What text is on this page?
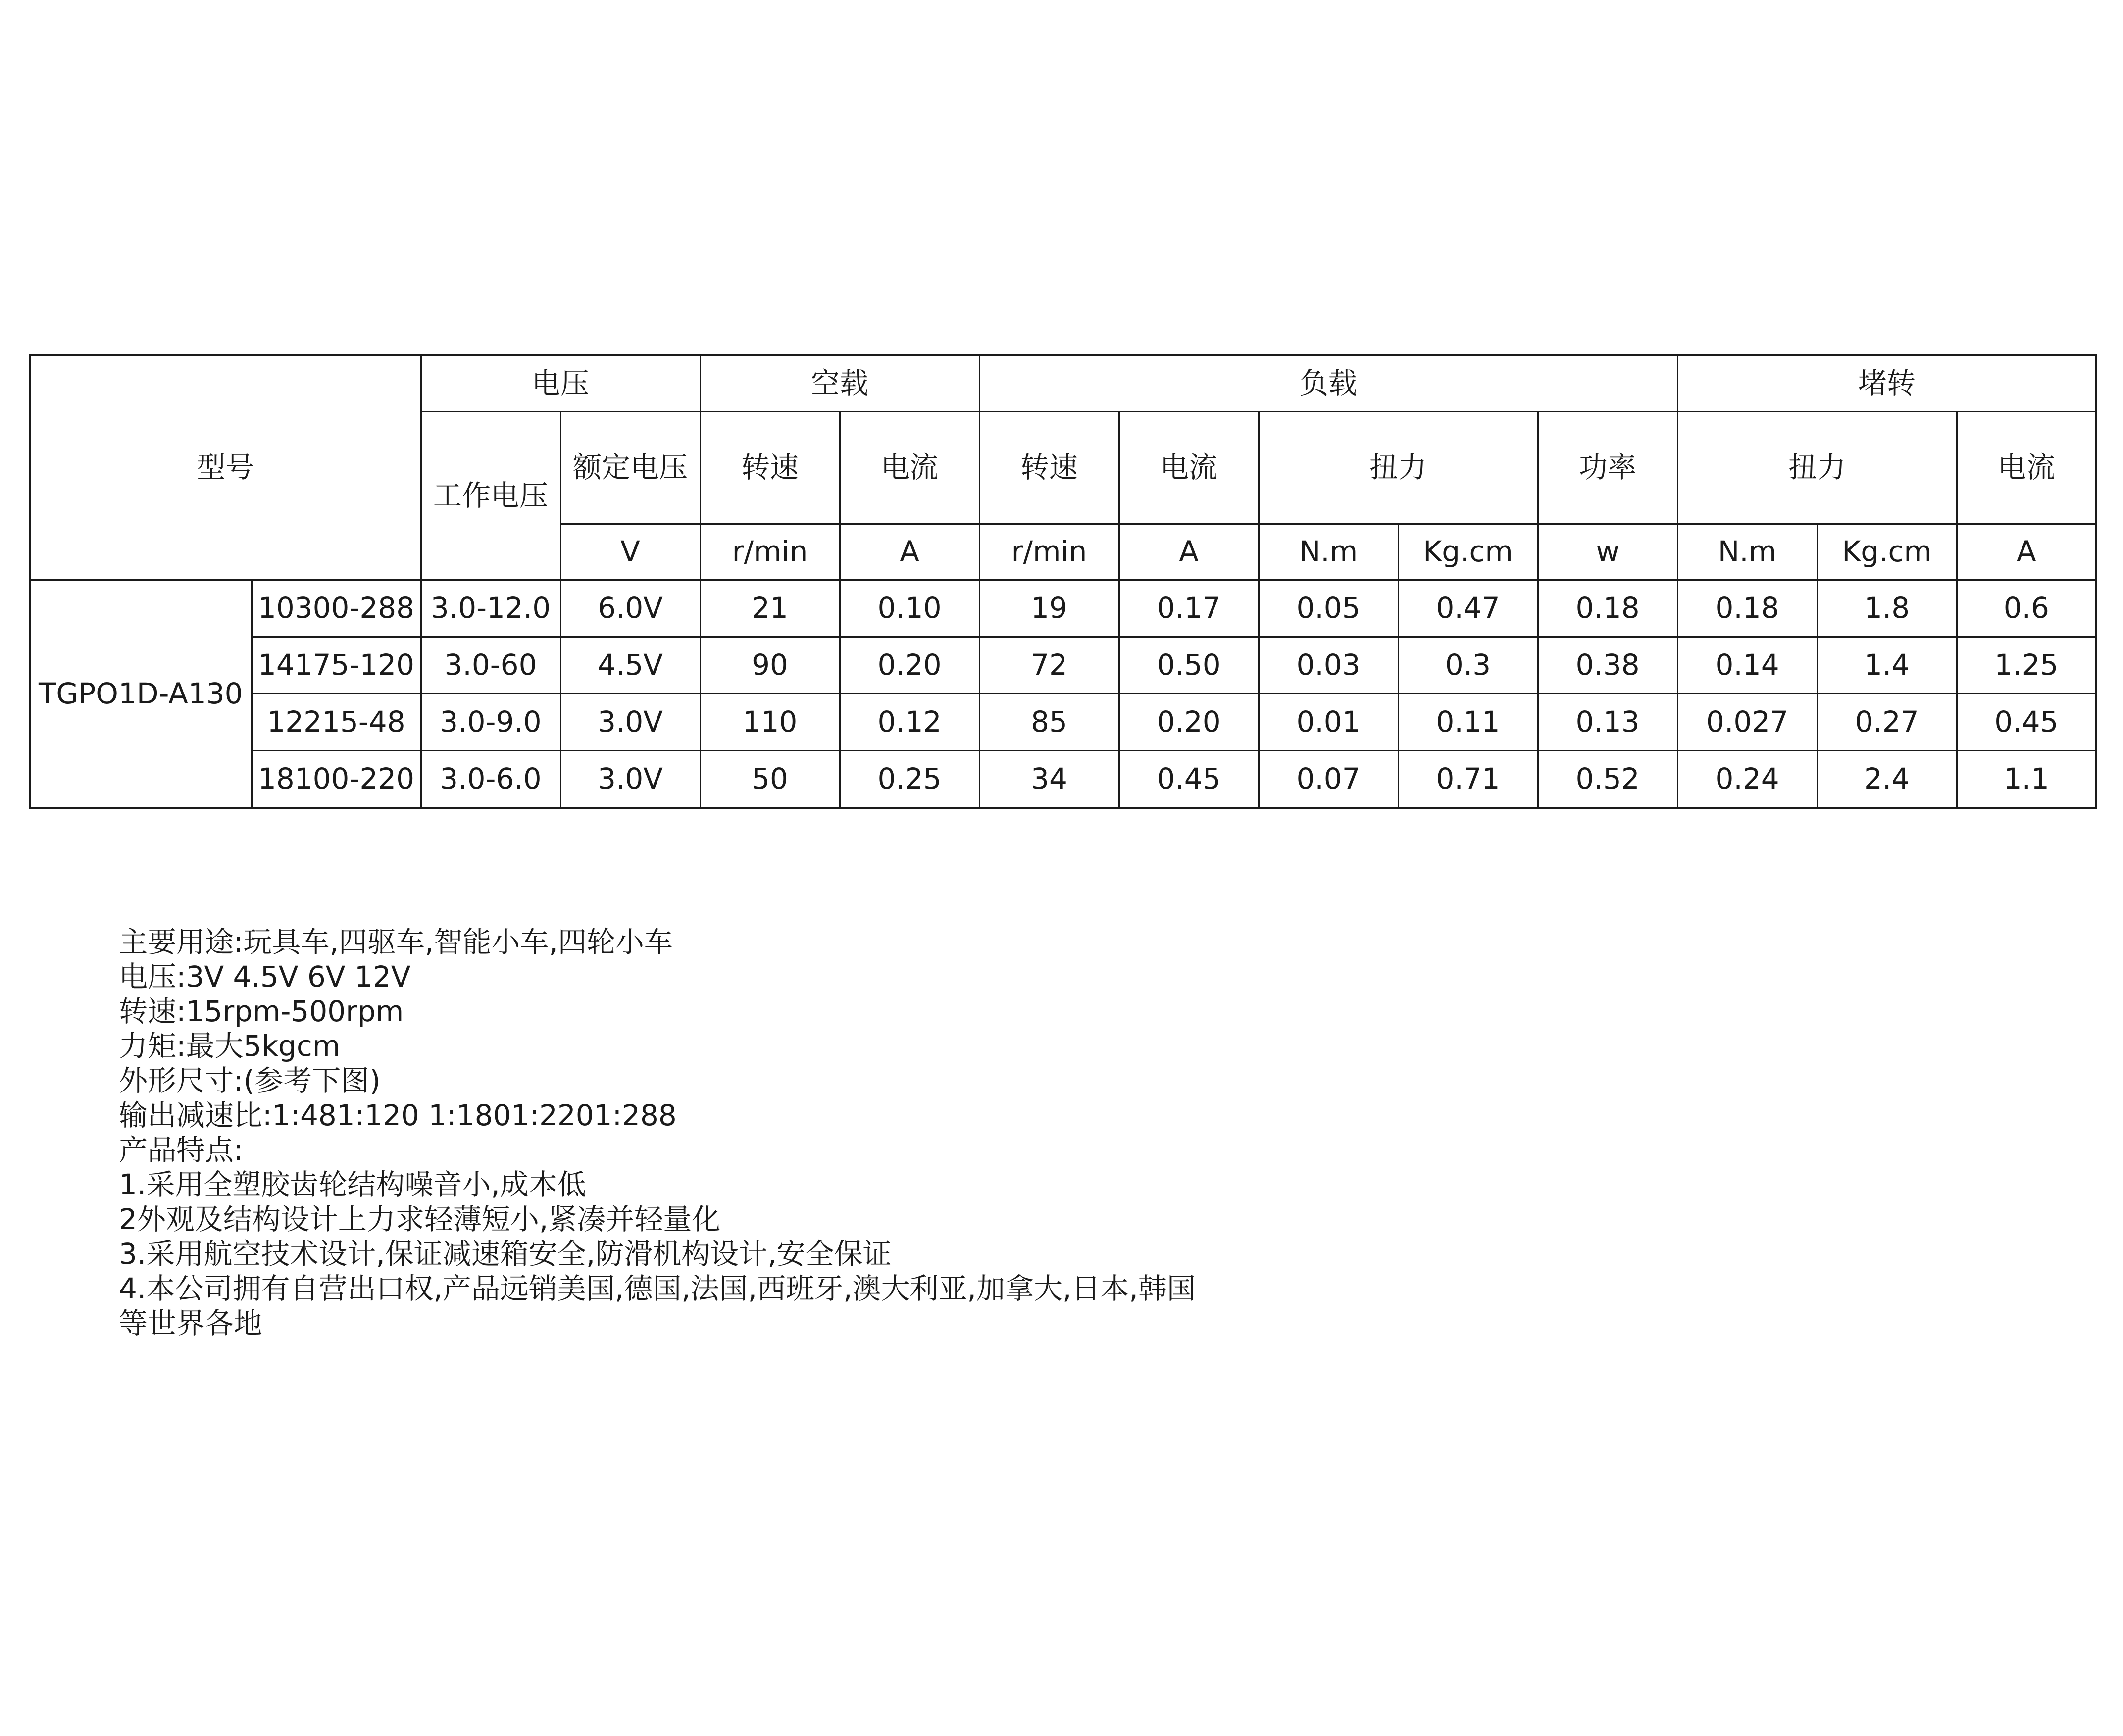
型号		电压		空载		负载					堵转		
		工作电压	额定电压	转速	电流	转速	电流	扭力		功率	扭力		电流
			V	r/min	A	r/min	A	N.m	Kg.cm	w	N.m	Kg.cm	A
TGPO1D-A130	10300-288	3.0-12.0	6.0V	21	0.10	19	0.17	0.05	0.47	0.18	0.18	1.8	0.6
	14175-120	3.0-60	4.5V	90	0.20	72	0.50	0.03	0.3	0.38	0.14	1.4	1.25
	12215-48	3.0-9.0	3.0V	110	0.12	85	0.20	0.01	0.11	0.13	0.027	0.27	0.45
	18100-220	3.0-6.0	3.0V	50	0.25	34	0.45	0.07	0.71	0.52	0.24	2.4	1.1
主要用途:玩具车,四驱车,智能小车,四轮小车
电压:3V 4.5V 6V 12V
转速:15rpm-500rpm
力矩:最大5kgcm
外形尺寸:(参考下图)
输出减速比:1:481:120 1:1801:2201:288
产品特点:
1.采用全塑胶齿轮结构噪音小,成本低
2外观及结构设计上力求轻薄短小,紧凑并轻量化
3.采用航空技术设计,保证减速箱安全,防滑机构设计,安全保证
4.本公司拥有自营出口权,产品远销美国,德国,法国,西班牙,澳大利亚,加拿大,日本,韩国
等世界各地
